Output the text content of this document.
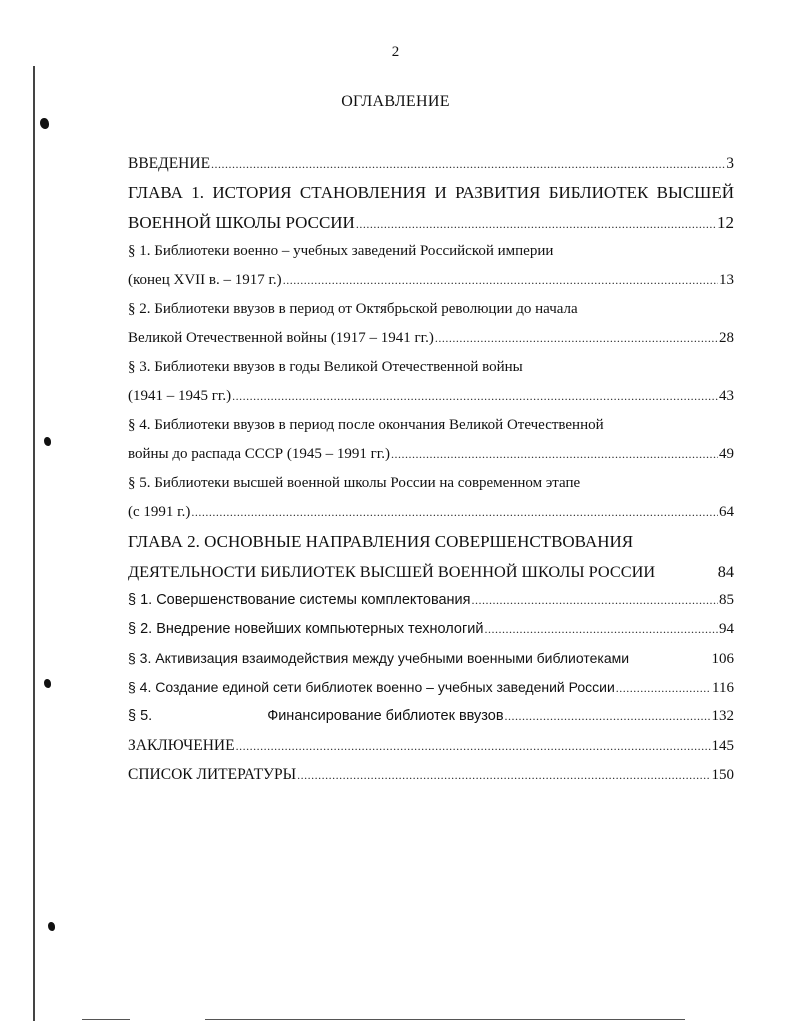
2
ОГЛАВЛЕНИЕ
ВВЕДЕНИЕ .....	3
ГЛАВА 1. ИСТОРИЯ СТАНОВЛЕНИЯ И РАЗВИТИЯ БИБЛИОТЕК ВЫСШЕЙ
ВОЕННОЙ ШКОЛЫ РОССИИ .....	12
§ 1. Библиотеки военно – учебных заведений Российской империи
(конец XVII в. – 1917 г.) .....	13
§ 2. Библиотеки ввузов в период от Октябрьской революции до начала
Великой Отечественной войны (1917 – 1941 гг.) .....	28
§ 3. Библиотеки ввузов в годы Великой Отечественной войны
(1941 – 1945 гг.) .....	43
§ 4. Библиотеки ввузов в период после окончания Великой Отечественной
войны до распада СССР (1945 – 1991 гг.) .....	49
§ 5. Библиотеки высшей военной школы России на современном этапе
(с 1991 г.) .....	64
ГЛАВА 2. ОСНОВНЫЕ НАПРАВЛЕНИЯ СОВЕРШЕНСТВОВАНИЯ
ДЕЯТЕЛЬНОСТИ БИБЛИОТЕК ВЫСШЕЙ ВОЕННОЙ ШКОЛЫ РОССИИ	84
§ 1. Совершенствование системы комплектования .....	85
§ 2. Внедрение новейших компьютерных технологий .....	94
§ 3. Активизация взаимодействия между учебными военными библиотеками	106
§ 4. Создание единой сети библиотек военно – учебных заведений России .....	116
§ 5.	Финансирование библиотек ввузов .....	132
ЗАКЛЮЧЕНИЕ .....	145
СПИСОК ЛИТЕРАТУРЫ .....	150
